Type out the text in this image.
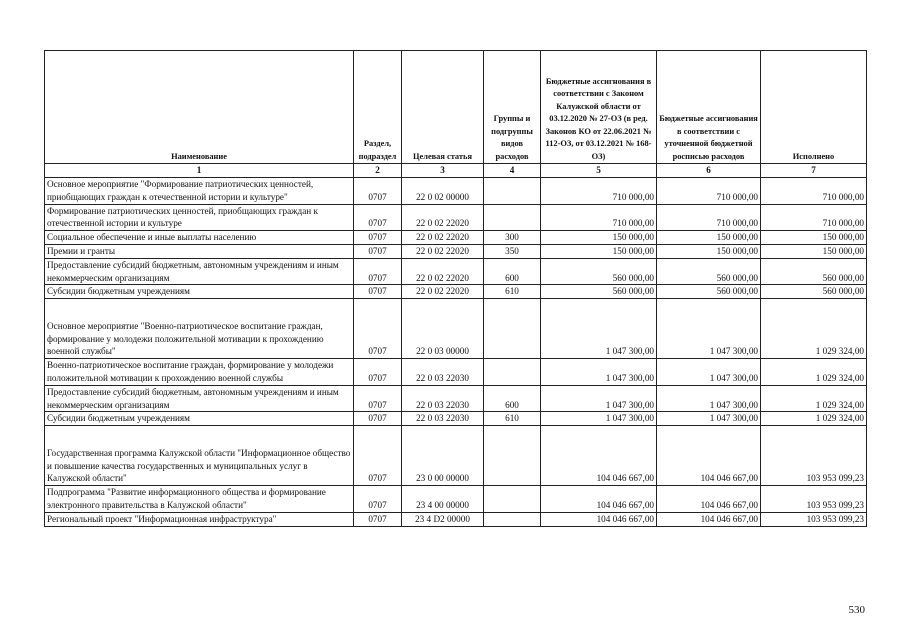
Наименование	Раздел, подраздел	Целевая статья	Группы и подгруппы видов расходов	Бюджетные ассигнования в соответствии с Законом Калужской области от 03.12.2020 № 27-ОЗ (в ред. Законов КО от 22.06.2021 № 112-ОЗ, от 03.12.2021 № 168-ОЗ)	Бюджетные ассигнования в соответствии с уточненной бюджетной росписью расходов	Исполнено
1	2	3	4	5	6	7
Основное мероприятие "Формирование патриотических ценностей, приобщающих граждан к отечественной истории и культуре"	0707	22 0 02 00000		710 000,00	710 000,00	710 000,00
Формирование патриотических ценностей, приобщающих граждан к отечественной истории и культуре	0707	22 0 02 22020		710 000,00	710 000,00	710 000,00
Социальное обеспечение и иные выплаты населению	0707	22 0 02 22020	300	150 000,00	150 000,00	150 000,00
Премии и гранты	0707	22 0 02 22020	350	150 000,00	150 000,00	150 000,00
Предоставление субсидий бюджетным, автономным учреждениям и иным некоммерческим организациям	0707	22 0 02 22020	600	560 000,00	560 000,00	560 000,00
Субсидии бюджетным учреждениям	0707	22 0 02 22020	610	560 000,00	560 000,00	560 000,00
Основное мероприятие "Военно-патриотическое воспитание граждан, формирование у молодежи положительной мотивации к прохождению военной службы"	0707	22 0 03 00000		1 047 300,00	1 047 300,00	1 029 324,00
Военно-патриотическое воспитание граждан, формирование у молодежи положительной мотивации к прохождению военной службы	0707	22 0 03 22030		1 047 300,00	1 047 300,00	1 029 324,00
Предоставление субсидий бюджетным, автономным учреждениям и иным некоммерческим организациям	0707	22 0 03 22030	600	1 047 300,00	1 047 300,00	1 029 324,00
Субсидии бюджетным учреждениям	0707	22 0 03 22030	610	1 047 300,00	1 047 300,00	1 029 324,00
Государственная программа Калужской области "Информационное общество и повышение качества государственных и муниципальных услуг в Калужской области"	0707	23 0 00 00000		104 046 667,00	104 046 667,00	103 953 099,23
Подпрограмма "Развитие информационного общества и формирование электронного правительства в Калужской области"	0707	23 4 00 00000		104 046 667,00	104 046 667,00	103 953 099,23
Региональный проект "Информационная инфраструктура"	0707	23 4 D2 00000		104 046 667,00	104 046 667,00	103 953 099,23
530
